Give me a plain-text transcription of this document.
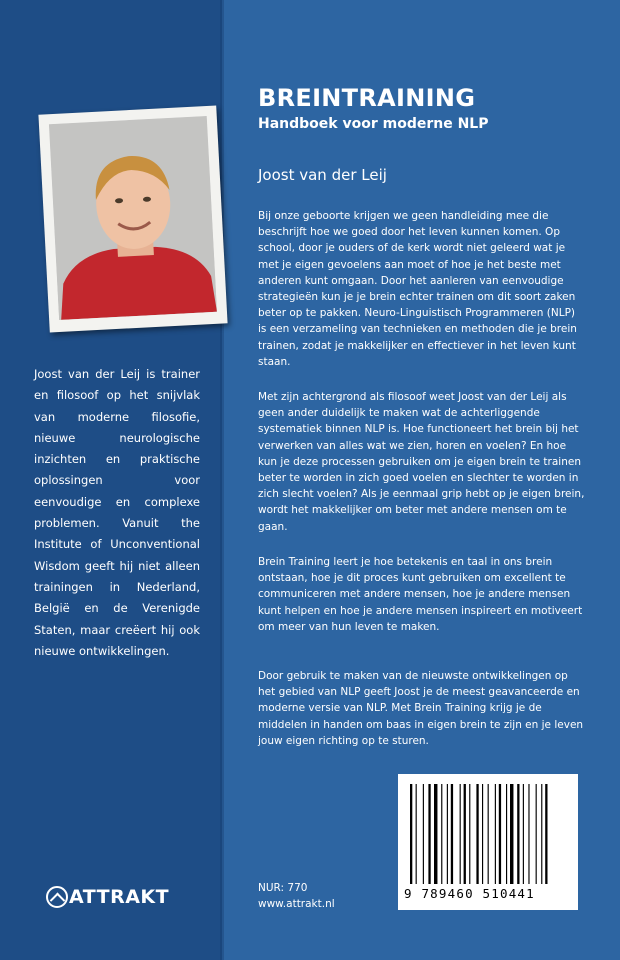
Joost van der Leij is trainer en filosoof op het snijvlak van moderne filosofie, nieuwe neurologische inzichten en praktische oplossingen voor eenvoudige en complexe problemen. Vanuit the Institute of Unconventional Wisdom geeft hij niet alleen trainingen in Nederland, België en de Verenigde Staten, maar creëert hij ook nieuwe ontwikkelingen.

ATTRAKT
BREINTRAINING
Handboek voor moderne NLP

Joost van der Leij

Bij onze geboorte krijgen we geen handleiding mee die beschrijft hoe we goed door het leven kunnen komen. Op school, door je ouders of de kerk wordt niet geleerd wat je met je eigen gevoelens aan moet of hoe je het beste met anderen kunt omgaan. Door het aanleren van eenvoudige strategieën kun je je brein echter trainen om dit soort zaken beter op te pakken. Neuro-Linguistisch Programmeren (NLP) is een verzameling van technieken en methoden die je brein trainen, zodat je makkelijker en effectiever in het leven kunt staan.

Met zijn achtergrond als filosoof weet Joost van der Leij als geen ander duidelijk te maken wat de achterliggende systematiek binnen NLP is. Hoe functioneert het brein bij het verwerken van alles wat we zien, horen en voelen? En hoe kun je deze processen gebruiken om je eigen brein te trainen beter te worden in zich goed voelen en slechter te worden in zich slecht voelen? Als je eenmaal grip hebt op je eigen brein, wordt het makkelijker om beter met andere mensen om te gaan.

Brein Training leert je hoe betekenis en taal in ons brein ontstaan, hoe je dit proces kunt gebruiken om excellent te communiceren met andere mensen, hoe je andere mensen kunt helpen en hoe je andere mensen inspireert en motiveert om meer van hun leven te maken.

Door gebruik te maken van de nieuwste ontwikkelingen op het gebied van NLP geeft Joost je de meest geavanceerde en moderne versie van NLP. Met Brein Training krijg je de middelen in handen om baas in eigen brein te zijn en je leven jouw eigen richting op te sturen.

NUR: 770
www.attrakt.nl
9 789460 510441
